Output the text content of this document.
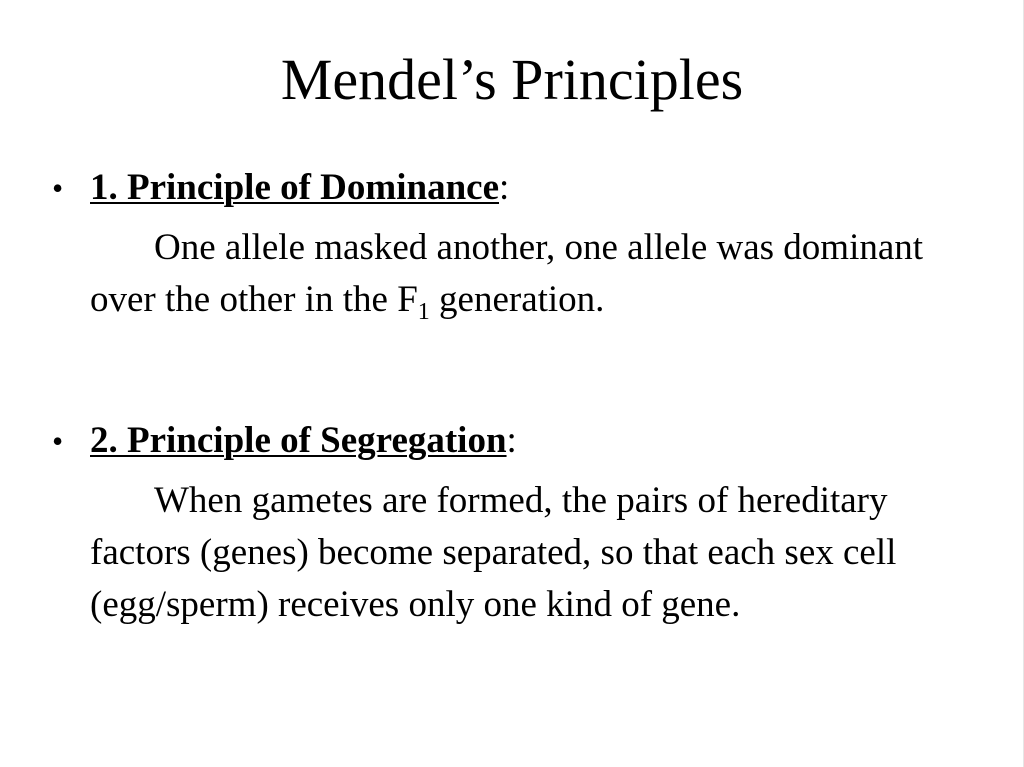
Mendel’s Principles
• 1. Principle of Dominance:
One allele masked another, one allele was dominant over the other in the $F_1$ generation.
• 2. Principle of Segregation:
When gametes are formed, the pairs of hereditary factors (genes) become separated, so that each sex cell (egg/sperm) receives only one kind of gene.
